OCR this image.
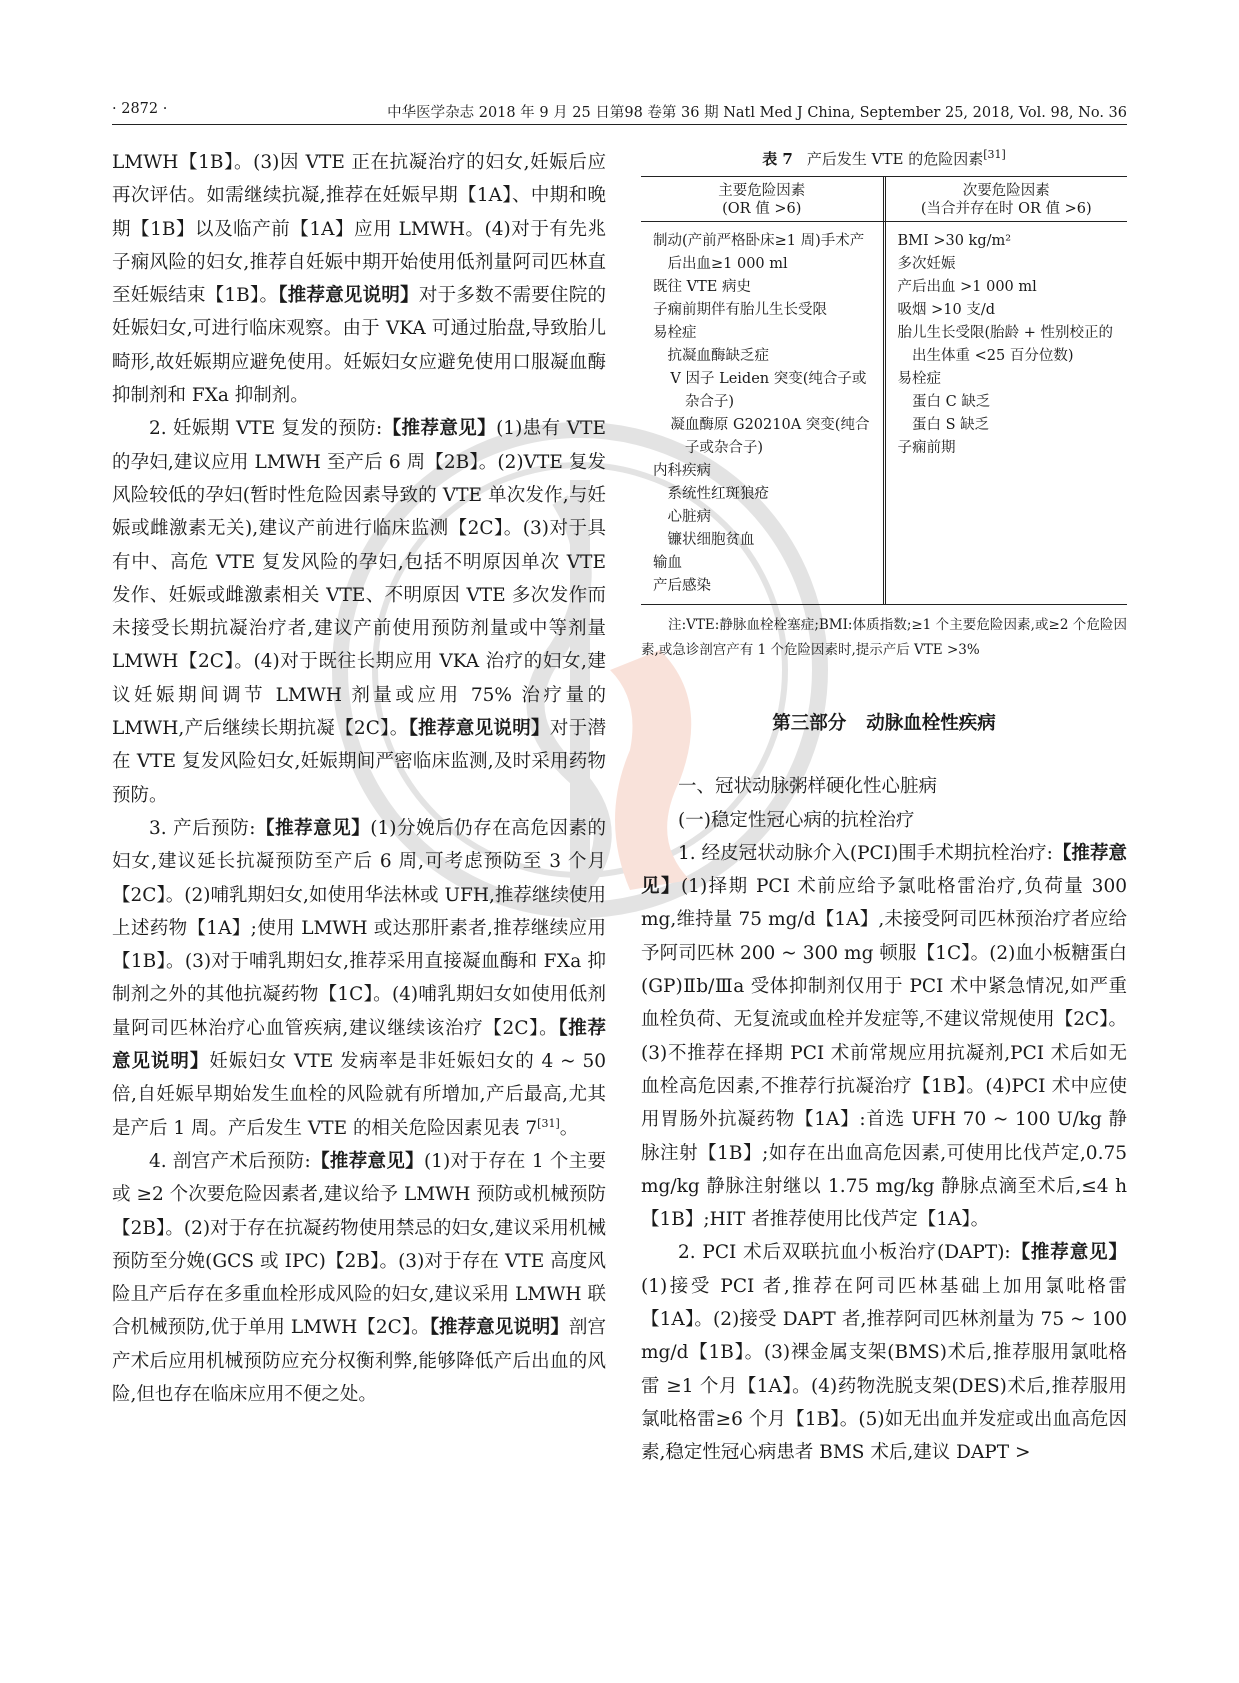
· 2872 ·	中华医学杂志 2018 年 9 月 25 日第98 卷第 36 期 Natl Med J China, September 25, 2018, Vol. 98, No. 36

LMWH【1B】。(3)因 VTE 正在抗凝治疗的妇女,妊娠后应再次评估。如需继续抗凝,推荐在妊娠早期【1A】、中期和晚期【1B】以及临产前【1A】应用 LMWH。(4)对于有先兆子痫风险的妇女,推荐自妊娠中期开始使用低剂量阿司匹林直至妊娠结束【1B】。【推荐意见说明】对于多数不需要住院的妊娠妇女,可进行临床观察。由于 VKA 可通过胎盘,导致胎儿畸形,故妊娠期应避免使用。妊娠妇女应避免使用口服凝血酶抑制剂和 FⅩa 抑制剂。

2. 妊娠期 VTE 复发的预防:【推荐意见】(1)患有 VTE 的孕妇,建议应用 LMWH 至产后 6 周【2B】。(2)VTE 复发风险较低的孕妇(暂时性危险因素导致的 VTE 单次发作,与妊娠或雌激素无关),建议产前进行临床监测【2C】。(3)对于具有中、高危 VTE 复发风险的孕妇,包括不明原因单次 VTE 发作、妊娠或雌激素相关 VTE、不明原因 VTE 多次发作而未接受长期抗凝治疗者,建议产前使用预防剂量或中等剂量 LMWH【2C】。(4)对于既往长期应用 VKA 治疗的妇女,建议妊娠期间调节 LMWH 剂量或应用 75% 治疗量的 LMWH,产后继续长期抗凝【2C】。【推荐意见说明】对于潜在 VTE 复发风险妇女,妊娠期间严密临床监测,及时采用药物预防。

3. 产后预防:【推荐意见】(1)分娩后仍存在高危因素的妇女,建议延长抗凝预防至产后 6 周,可考虑预防至 3 个月【2C】。(2)哺乳期妇女,如使用华法林或 UFH,推荐继续使用上述药物【1A】;使用 LMWH 或达那肝素者,推荐继续应用【1B】。(3)对于哺乳期妇女,推荐采用直接凝血酶和 FⅩa 抑制剂之外的其他抗凝药物【1C】。(4)哺乳期妇女如使用低剂量阿司匹林治疗心血管疾病,建议继续该治疗【2C】。【推荐意见说明】妊娠妇女 VTE 发病率是非妊娠妇女的 4 ~ 50 倍,自妊娠早期始发生血栓的风险就有所增加,产后最高,尤其是产后 1 周。产后发生 VTE 的相关危险因素见表 7[31]。

4. 剖宫产术后预防:【推荐意见】(1)对于存在 1 个主要或 ≥2 个次要危险因素者,建议给予 LMWH 预防或机械预防【2B】。(2)对于存在抗凝药物使用禁忌的妇女,建议采用机械预防至分娩(GCS 或 IPC)【2B】。(3)对于存在 VTE 高度风险且产后存在多重血栓形成风险的妇女,建议采用 LMWH 联合机械预防,优于单用 LMWH【2C】。【推荐意见说明】剖宫产术后应用机械预防应充分权衡利弊,能够降低产后出血的风险,但也存在临床应用不便之处。

表 7 产后发生 VTE 的危险因素[31]
主要危险因素
(OR 值 >6)
次要危险因素
(当合并存在时 OR 值 >6)
制动(产前严格卧床≥1 周)手术产后出血≥1 000 ml
既往 VTE 病史
子痫前期伴有胎儿生长受限
易栓症
抗凝血酶缺乏症
V 因子 Leiden 突变(纯合子或杂合子)
凝血酶原 G20210A 突变(纯合子或杂合子)
内科疾病
系统性红斑狼疮
心脏病
镰状细胞贫血
输血
产后感染
BMI >30 kg/m²
多次妊娠
产后出血 >1 000 ml
吸烟 >10 支/d
胎儿生长受限(胎龄 + 性别校正的出生体重 <25 百分位数)
易栓症
蛋白 C 缺乏
蛋白 S 缺乏
子痫前期
注:VTE:静脉血栓栓塞症;BMI:体质指数;≥1 个主要危险因素,或≥2 个危险因素,或急诊剖宫产有 1 个危险因素时,提示产后 VTE >3%
第三部分 动脉血栓性疾病

一、冠状动脉粥样硬化性心脏病

(一)稳定性冠心病的抗栓治疗

1. 经皮冠状动脉介入(PCI)围手术期抗栓治疗:【推荐意见】(1)择期 PCI 术前应给予氯吡格雷治疗,负荷量 300 mg,维持量 75 mg/d【1A】,未接受阿司匹林预治疗者应给予阿司匹林 200 ~ 300 mg 顿服【1C】。(2)血小板糖蛋白(GP)Ⅱb/Ⅲa 受体抑制剂仅用于 PCI 术中紧急情况,如严重血栓负荷、无复流或血栓并发症等,不建议常规使用【2C】。(3)不推荐在择期 PCI 术前常规应用抗凝剂,PCI 术后如无血栓高危因素,不推荐行抗凝治疗【1B】。(4)PCI 术中应使用胃肠外抗凝药物【1A】:首选 UFH 70 ~ 100 U/kg 静脉注射【1B】;如存在出血高危因素,可使用比伐芦定,0.75 mg/kg 静脉注射继以 1.75 mg/kg 静脉点滴至术后,≤4 h【1B】;HIT 者推荐使用比伐芦定【1A】。

2. PCI 术后双联抗血小板治疗(DAPT):【推荐意见】(1)接受 PCI 者,推荐在阿司匹林基础上加用氯吡格雷【1A】。(2)接受 DAPT 者,推荐阿司匹林剂量为 75 ~ 100 mg/d【1B】。(3)裸金属支架(BMS)术后,推荐服用氯吡格雷 ≥1 个月【1A】。(4)药物洗脱支架(DES)术后,推荐服用氯吡格雷≥6 个月【1B】。(5)如无出血并发症或出血高危因素,稳定性冠心病患者 BMS 术后,建议 DAPT >
